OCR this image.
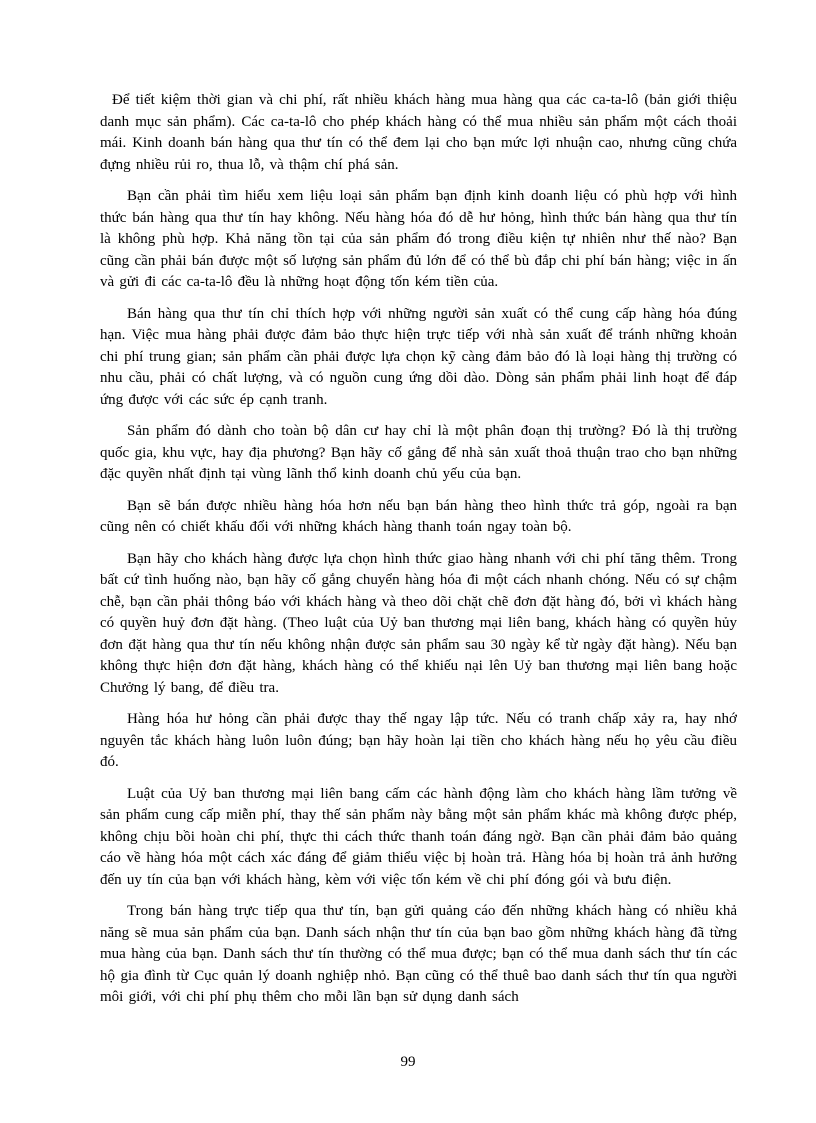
Để tiết kiệm thời gian và chi phí, rất nhiều khách hàng mua hàng qua các ca-ta-lô (bản giới thiệu danh mục sản phẩm). Các ca-ta-lô cho phép khách hàng có thể mua nhiều sản phẩm một cách thoải mái. Kinh doanh bán hàng qua thư tín có thể đem lại cho bạn mức lợi nhuận cao, nhưng cũng chứa đựng nhiều rủi ro, thua lỗ, và thậm chí phá sản.

Bạn cần phải tìm hiểu xem liệu loại sản phẩm bạn định kinh doanh liệu có phù hợp với hình thức bán hàng qua thư tín hay không. Nếu hàng hóa đó dễ hư hỏng, hình thức bán hàng qua thư tín là không phù hợp. Khả năng tồn tại của sản phẩm đó trong điều kiện tự nhiên như thế nào? Bạn cũng cần phải bán được một số lượng sản phẩm đủ lớn để có thể bù đắp chi phí bán hàng; việc in ấn và gửi đi các ca-ta-lô đều là những hoạt động tốn kém tiền của.

Bán hàng qua thư tín chỉ thích hợp với những người sản xuất có thể cung cấp hàng hóa đúng hạn. Việc mua hàng phải được đảm bảo thực hiện trực tiếp với nhà sản xuất để tránh những khoản chi phí trung gian; sản phẩm cần phải được lựa chọn kỹ càng đảm bảo đó là loại hàng thị trường có nhu cầu, phải có chất lượng, và có nguồn cung ứng dồi dào. Dòng sản phẩm phải linh hoạt để đáp ứng được với các sức ép cạnh tranh.

Sản phẩm đó dành cho toàn bộ dân cư hay chỉ là một phân đoạn thị trường? Đó là thị trường quốc gia, khu vực, hay địa phương? Bạn hãy cố gắng để nhà sản xuất thoả thuận trao cho bạn những đặc quyền nhất định tại vùng lãnh thổ kinh doanh chủ yếu của bạn.

Bạn sẽ bán được nhiều hàng hóa hơn nếu bạn bán hàng theo hình thức trả góp, ngoài ra bạn cũng nên có chiết khấu đối với những khách hàng thanh toán ngay toàn bộ.

Bạn hãy cho khách hàng được lựa chọn hình thức giao hàng nhanh với chi phí tăng thêm. Trong bất cứ tình huống nào, bạn hãy cố gắng chuyển hàng hóa đi một cách nhanh chóng. Nếu có sự chậm chễ, bạn cần phải thông báo với khách hàng và theo dõi chặt chẽ đơn đặt hàng đó, bởi vì khách hàng có quyền huỷ đơn đặt hàng. (Theo luật của Uỷ ban thương mại liên bang, khách hàng có quyền hủy đơn đặt hàng qua thư tín nếu không nhận được sản phẩm sau 30 ngày kể từ ngày đặt hàng). Nếu bạn không thực hiện đơn đặt hàng, khách hàng có thể khiếu nại lên Uỷ ban thương mại liên bang hoặc Chưởng lý bang, để điều tra.

Hàng hóa hư hỏng cần phải được thay thế ngay lập tức. Nếu có tranh chấp xảy ra, hay nhớ nguyên tắc khách hàng luôn luôn đúng; bạn hãy hoàn lại tiền cho khách hàng nếu họ yêu cầu điều đó.

Luật của Uỷ ban thương mại liên bang cấm các hành động làm cho khách hàng lầm tưởng về sản phẩm cung cấp miễn phí, thay thế sản phẩm này bằng một sản phẩm khác mà không được phép, không chịu bồi hoàn chi phí, thực thi cách thức thanh toán đáng ngờ. Bạn cần phải đảm bảo quảng cáo về hàng hóa một cách xác đáng để giảm thiểu việc bị hoàn trả. Hàng hóa bị hoàn trả ảnh hưởng đến uy tín của bạn với khách hàng, kèm với việc tốn kém về chi phí đóng gói và bưu điện.

Trong bán hàng trực tiếp qua thư tín, bạn gửi quảng cáo đến những khách hàng có nhiều khả năng sẽ mua sản phẩm của bạn. Danh sách nhận thư tín của bạn bao gồm những khách hàng đã từng mua hàng của bạn. Danh sách thư tín thường có thể mua được; bạn có thể mua danh sách thư tín các hộ gia đình từ Cục quản lý doanh nghiệp nhỏ. Bạn cũng có thể thuê bao danh sách thư tín qua người môi giới, với chi phí phụ thêm cho mỗi lần bạn sử dụng danh sách

99
